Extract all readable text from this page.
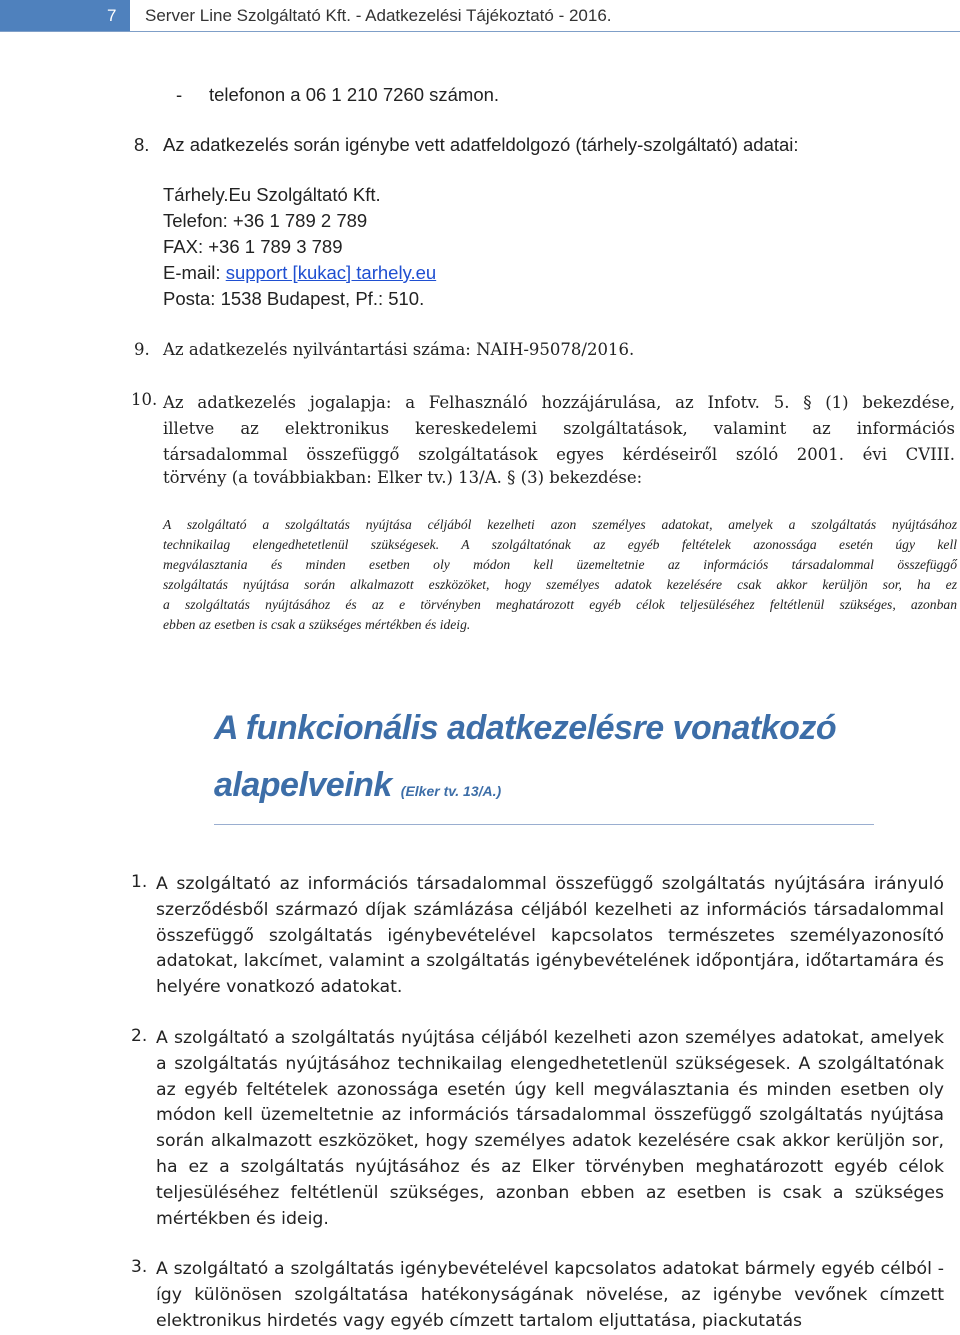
7	Server Line Szolgáltató Kft. - Adatkezelési Tájékoztató - 2016.
- telefonon a 06 1 210 7260 számon.
8. Az adatkezelés során igénybe vett adatfeldolgozó (tárhely-szolgáltató) adatai:
Tárhely.Eu Szolgáltató Kft.
Telefon: +36 1 789 2 789
FAX: +36 1 789 3 789
E-mail: support [kukac] tarhely.eu
Posta: 1538 Budapest, Pf.: 510.
9. Az adatkezelés nyilvántartási száma: NAIH-95078/2016.
10. Az adatkezelés jogalapja: a Felhasználó hozzájárulása, az Infotv. 5. § (1) bekezdése,
illetve az elektronikus kereskedelemi szolgáltatások, valamint az információs
társadalommal összefüggő szolgáltatások egyes kérdéseiről szóló 2001. évi CVIII.
törvény (a továbbiakban: Elker tv.) 13/A. § (3) bekezdése:
A szolgáltató a szolgáltatás nyújtása céljából kezelheti azon személyes adatokat, amelyek a szolgáltatás nyújtásához
technikailag elengedhetetlenül szükségesek. A szolgáltatónak az egyéb feltételek azonossága esetén úgy kell
megválasztania és minden esetben oly módon kell üzemeltetnie az információs társadalommal összefüggő
szolgáltatás nyújtása során alkalmazott eszközöket, hogy személyes adatok kezelésére csak akkor kerüljön sor, ha ez
a szolgáltatás nyújtásához és az e törvényben meghatározott egyéb célok teljesüléséhez feltétlenül szükséges, azonban
ebben az esetben is csak a szükséges mértékben és ideig.
A funkcionális adatkezelésre vonatkozó
alapelveink (Elker tv. 13/A.)
1. A szolgáltató az információs társadalommal összefüggő szolgáltatás nyújtására irányuló szerződésből származó díjak számlázása céljából kezelheti az információs társadalommal összefüggő szolgáltatás igénybevételével kapcsolatos természetes személyazonosító adatokat, lakcímet, valamint a szolgáltatás igénybevételének időpontjára, időtartamára és helyére vonatkozó adatokat.
2. A szolgáltató a szolgáltatás nyújtása céljából kezelheti azon személyes adatokat, amelyek a szolgáltatás nyújtásához technikailag elengedhetetlenül szükségesek. A szolgáltatónak az egyéb feltételek azonossága esetén úgy kell megválasztania és minden esetben oly módon kell üzemeltetnie az információs társadalommal összefüggő szolgáltatás nyújtása során alkalmazott eszközöket, hogy személyes adatok kezelésére csak akkor kerüljön sor, ha ez a szolgáltatás nyújtásához és az Elker törvényben meghatározott egyéb célok teljesüléséhez feltétlenül szükséges, azonban ebben az esetben is csak a szükséges mértékben és ideig.
3. A szolgáltató a szolgáltatás igénybevételével kapcsolatos adatokat bármely egyéb célból - így különösen szolgáltatása hatékonyságának növelése, az igénybe vevőnek címzett elektronikus hirdetés vagy egyéb címzett tartalom eljuttatása, piackutatás
